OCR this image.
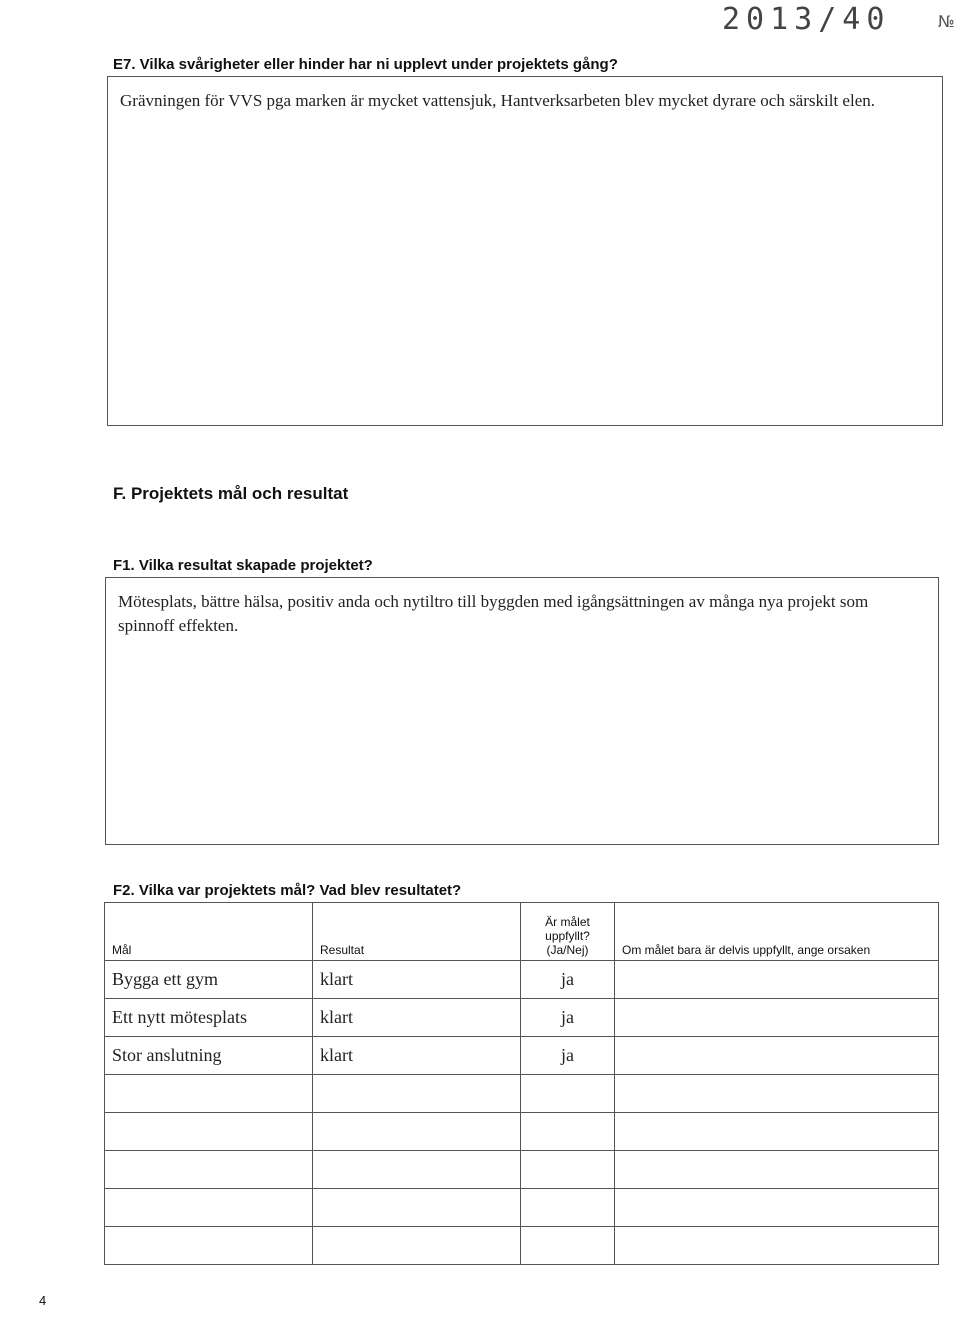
2013/40	№
E7. Vilka svårigheter eller hinder har ni upplevt under projektets gång?
Grävningen för VVS pga marken är mycket vattensjuk, Hantverksarbeten blev mycket dyrare och särskilt elen.
F. Projektets mål och resultat
F1. Vilka resultat skapade projektet?
Mötesplats, bättre hälsa, positiv anda och nytiltro till byggden med igångsättningen av många nya projekt som spinnoff effekten.
F2. Vilka var projektets mål? Vad blev resultatet?
Mål	Resultat	Är målet uppfyllt? (Ja/Nej)	Om målet bara är delvis uppfyllt, ange orsaken
Bygga ett gym	klart	ja	
Ett nytt mötesplats	klart	ja	
Stor anslutning	klart	ja	

4
